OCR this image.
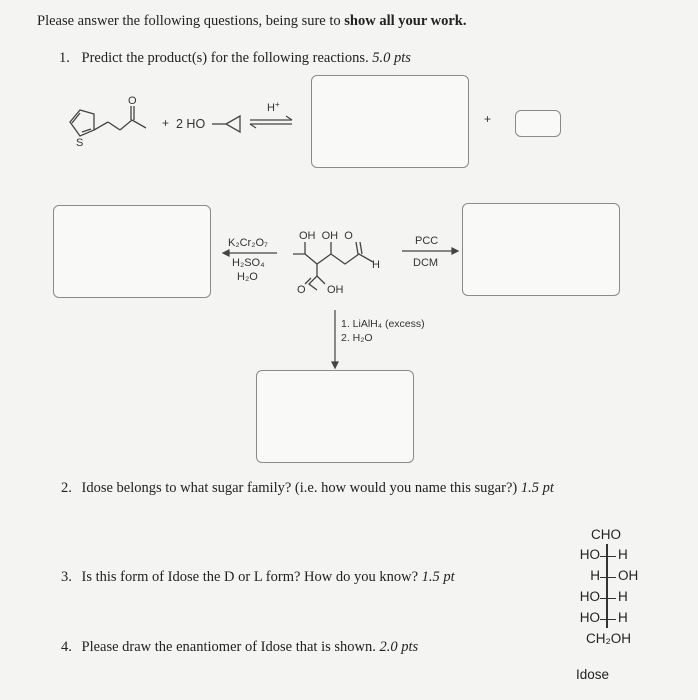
Please answer the following questions, being sure to show all your work.
1. Predict the product(s) for the following reactions. 5.0 pts
S
O
+ 2 HO
H+
+
K₂Cr₂O₇
H₂SO₄
H₂O
OH  OH  O
H
O OH
PCC
DCM
1. LiAlH₄ (excess)
2. H₂O
2. Idose belongs to what sugar family? (i.e. how would you name this sugar?) 1.5 pt
3. Is this form of Idose the D or L form? How do you know? 1.5 pt
4. Please draw the enantiomer of Idose that is shown. 2.0 pts
CHO
HO H
H OH
HO H
HO H
CH₂OH
Idose
